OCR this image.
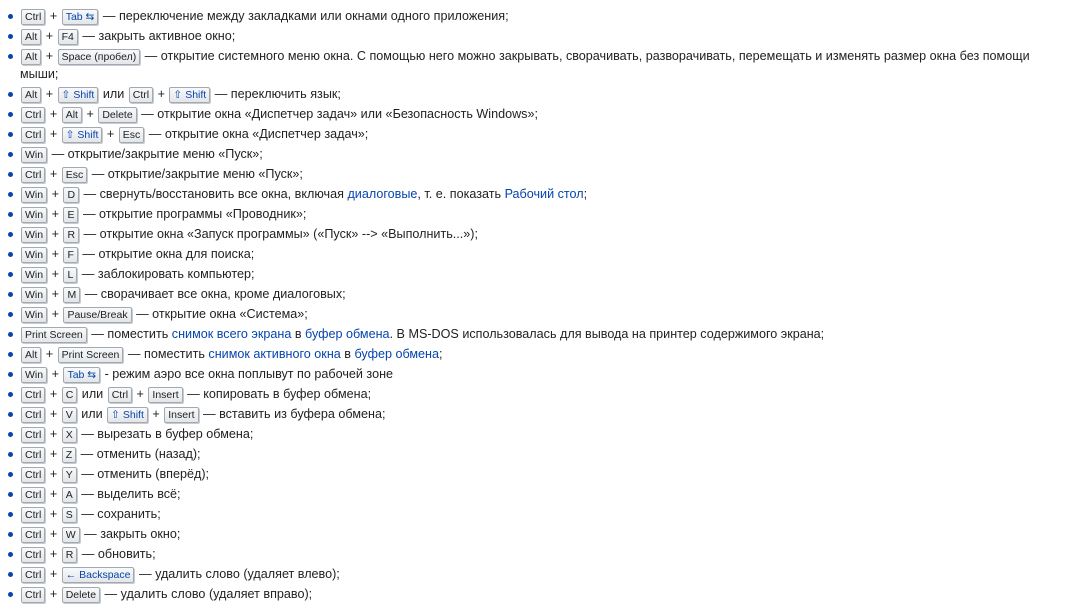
Ctrl + Tab ⇆ — переключение между закладками или окнами одного приложения;
Alt + F4 — закрыть активное окно;
Alt + Space (пробел) — открытие системного меню окна. С помощью него можно закрывать, сворачивать, разворачивать, перемещать и изменять размер окна без помощи мыши;
Alt + ⇧ Shift или Ctrl + ⇧ Shift — переключить язык;
Ctrl + Alt + Delete — открытие окна «Диспетчер задач» или «Безопасность Windows»;
Ctrl + ⇧ Shift + Esc — открытие окна «Диспетчер задач»;
Win — открытие/закрытие меню «Пуск»;
Ctrl + Esc — открытие/закрытие меню «Пуск»;
Win + D — свернуть/восстановить все окна, включая диалоговые, т. е. показать Рабочий стол;
Win + E — открытие программы «Проводник»;
Win + R — открытие окна «Запуск программы» («Пуск» --> «Выполнить...»);
Win + F — открытие окна для поиска;
Win + L — заблокировать компьютер;
Win + M — сворачивает все окна, кроме диалоговых;
Win + Pause/Break — открытие окна «Система»;
Print Screen — поместить снимок всего экрана в буфер обмена. В MS-DOS использовалась для вывода на принтер содержимого экрана;
Alt + Print Screen — поместить снимок активного окна в буфер обмена;
Win + Tab ⇆ - режим аэро все окна поплывут по рабочей зоне
Ctrl + C или Ctrl + Insert — копировать в буфер обмена;
Ctrl + V или ⇧ Shift + Insert — вставить из буфера обмена;
Ctrl + X — вырезать в буфер обмена;
Ctrl + Z — отменить (назад);
Ctrl + Y — отменить (вперёд);
Ctrl + A — выделить всё;
Ctrl + S — сохранить;
Ctrl + W — закрыть окно;
Ctrl + R — обновить;
Ctrl + ← Backspace — удалить слово (удаляет влево);
Ctrl + Delete — удалить слово (удаляет вправо);
